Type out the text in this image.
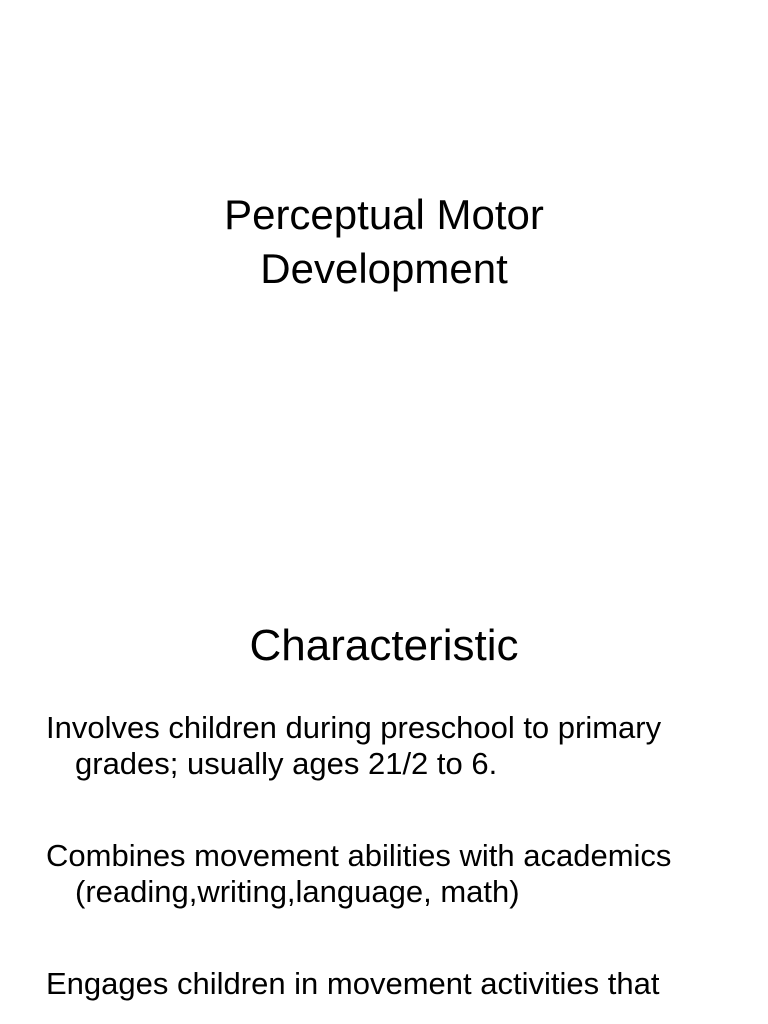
Perceptual Motor
Development
Characteristic
Involves children during preschool to primary grades; usually ages 21/2 to 6.
Combines movement abilities with academics (reading,writing,language, math)
Engages children in movement activities that
